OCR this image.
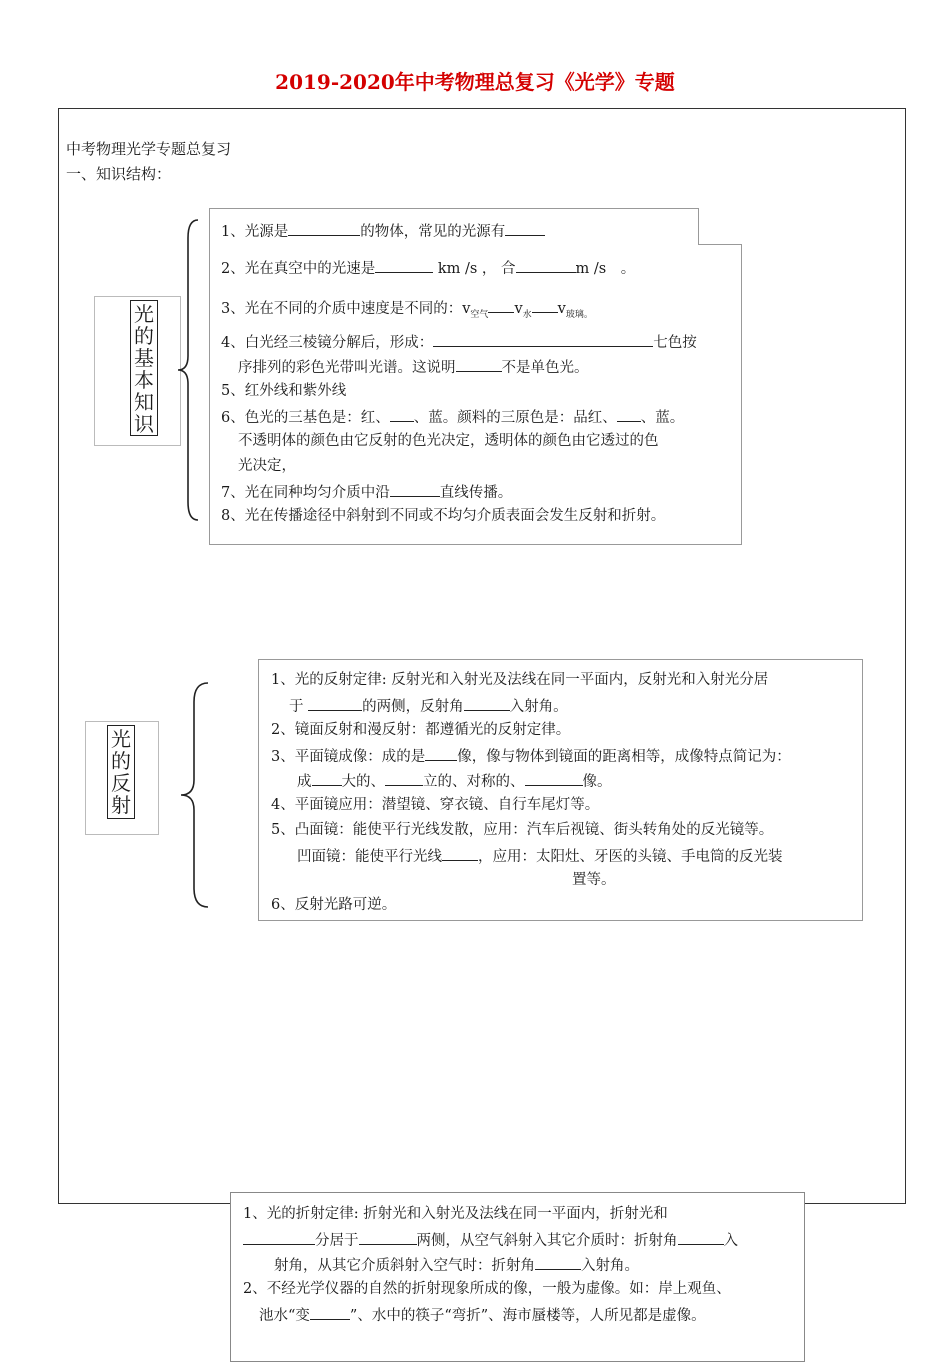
2019-2020年中考物理总复习《光学》专题
中考物理光学专题总复习
一、知识结构：
光
的
基
本
知
识
1、光源是	的物体，常见的光源有
2、光在真空中的光速是	km /s ， 合	m /s　。
3、光在不同的介质中速度是不同的：$v_{空气}$ $v_水$ $v_{玻璃。}$
4、白光经三棱镜分解后，形成：	七色按
序排列的彩色光带叫光谱。这说明	不是单色光。
5、红外线和紫外线
6、色光的三基色是：红、 、蓝。颜料的三原色是：品红、 、蓝。
不透明体的颜色由它反射的色光决定，透明体的颜色由它透过的色
光决定，
7、光在同种均匀介质中沿	直线传播。
8、光在传播途径中斜射到不同或不均匀介质表面会发生反射和折射。
光
的
反
射
1、光的反射定律: 反射光和入射光及法线在同一平面内，反射光和入射光分居
于	的两侧，反射角	入射角。
2、镜面反射和漫反射：都遵循光的反射定律。
3、平面镜成像：成的是 像，像与物体到镜面的距离相等，成像特点简记为：
成 大的、	立的、对称的、	像。
4、平面镜应用：潜望镜、穿衣镜、自行车尾灯等。
5、凸面镜：能使平行光线发散，应用：汽车后视镜、街头转角处的反光镜等。
凹面镜：能使平行光线 ，应用：太阳灶、牙医的头镜、手电筒的反光装
置等。
6、反射光路可逆。
1、光的折射定律: 折射光和入射光及法线在同一平面内，折射光和
分居于	两侧，从空气斜射入其它介质时：折射角	入
射角，从其它介质斜射入空气时：折射角	入射角。
2、不经光学仪器的自然的折射现象所成的像，一般为虚像。如：岸上观鱼、
池水“变	”、水中的筷子“弯折”、海市蜃楼等，人所见都是虚像。
